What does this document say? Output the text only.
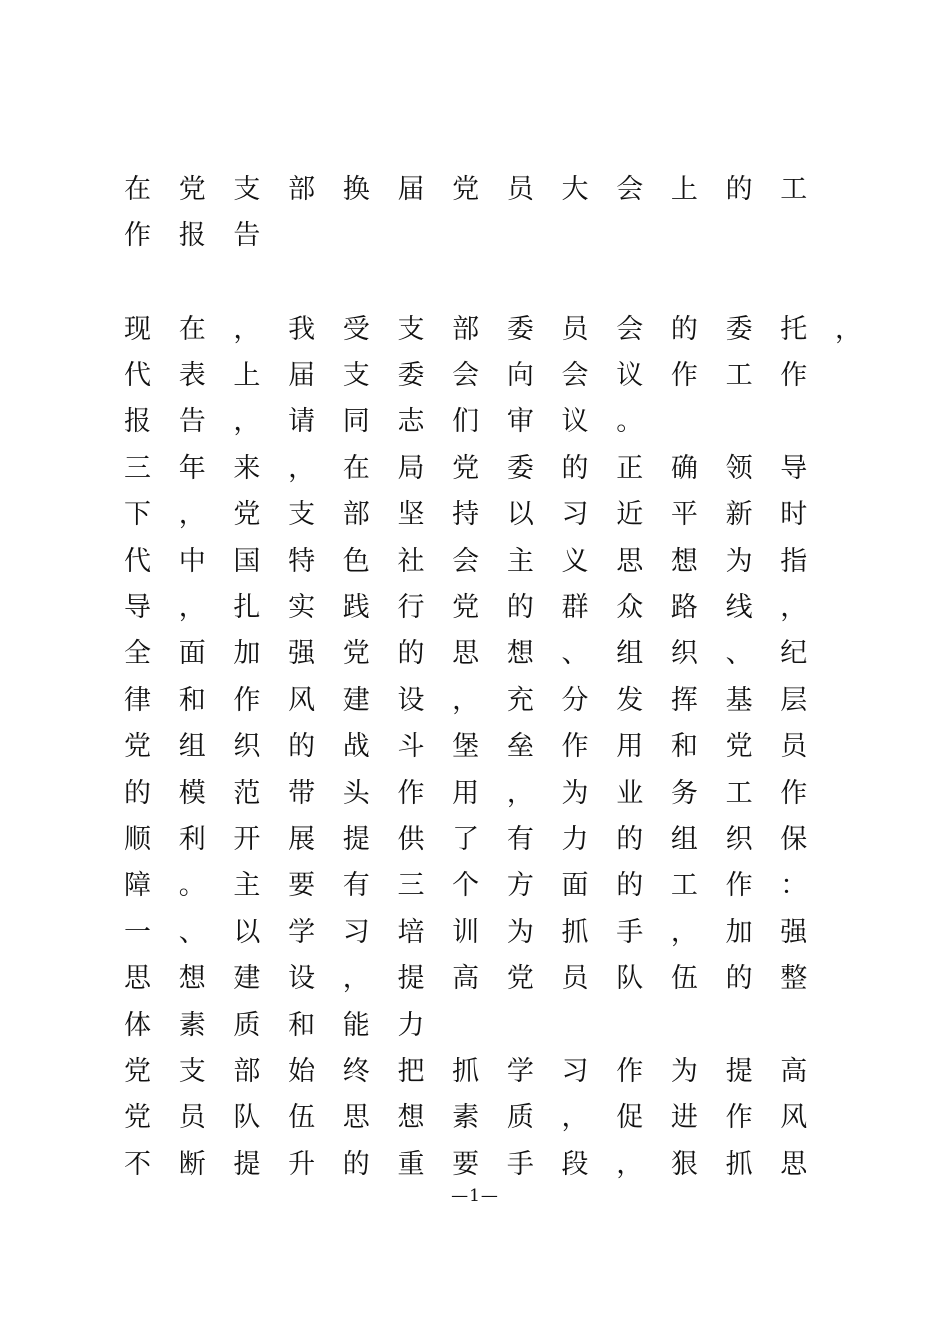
在	党	支	部	换	届	党	员	大	会	上	的	工
作	报	告
现	在	，	我	受	支	部	委	员	会	的	委	托	，
代	表	上	届	支	委	会	向	会	议	作	工	作
报	告	，	请	同	志	们	审	议	。
三	年	来	，	在	局	党	委	的	正	确	领	导
下	，	党	支	部	坚	持	以	习	近	平	新	时
代	中	国	特	色	社	会	主	义	思	想	为	指
导	，	扎	实	践	行	党	的	群	众	路	线	，
全	面	加	强	党	的	思	想	、	组	织	、	纪
律	和	作	风	建	设	，	充	分	发	挥	基	层
党	组	织	的	战	斗	堡	垒	作	用	和	党	员
的	模	范	带	头	作	用	，	为	业	务	工	作
顺	利	开	展	提	供	了	有	力	的	组	织	保
障	。	主	要	有	三	个	方	面	的	工	作	：
一	、	以	学	习	培	训	为	抓	手	，	加	强
思	想	建	设	，	提	高	党	员	队	伍	的	整
体	素	质	和	能	力
党	支	部	始	终	把	抓	学	习	作	为	提	高
党	员	队	伍	思	想	素	质	，	促	进	作	风
不	断	提	升	的	重	要	手	段	，	狠	抓	思
—1—
